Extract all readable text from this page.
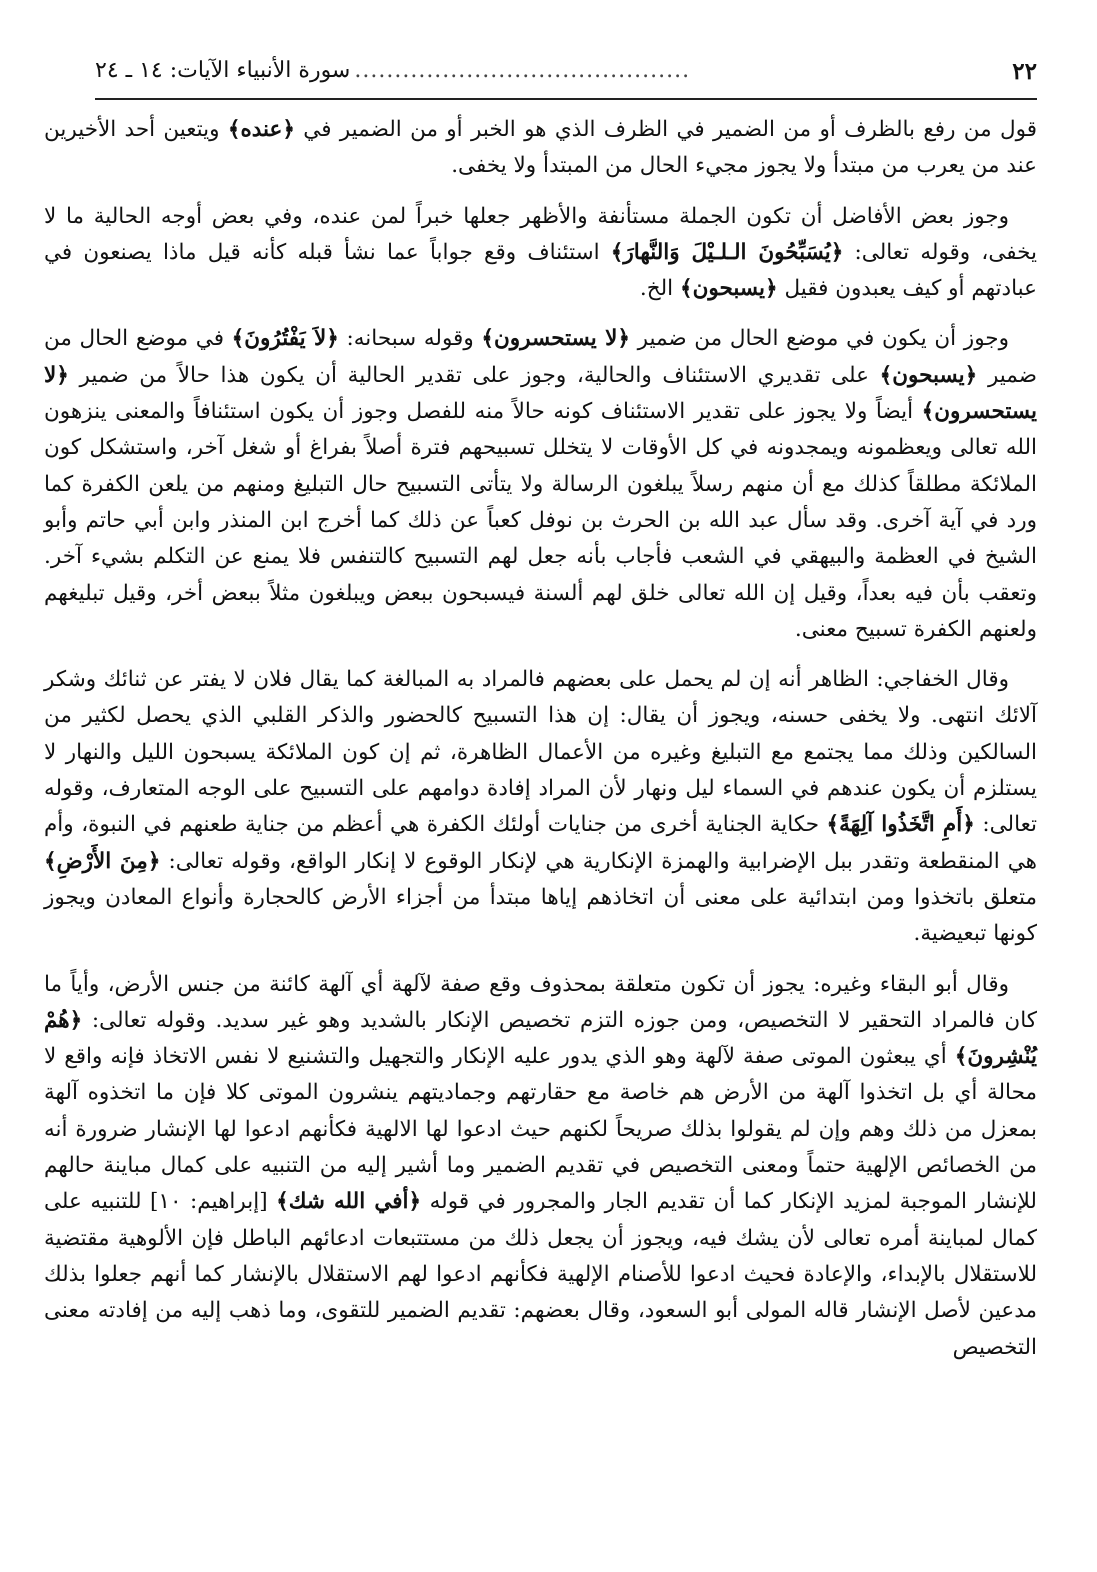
٢٢
..........................................
سورة الأنبياء الآيات: ١٤ ـ ٢٤

قول من رفع بالظرف أو من الضمير في الظرف الذي هو الخبر أو من الضمير في ﴿ عنده ﴾ ويتعين أحد الأخيرين عند من يعرب من مبتدأ ولا يجوز مجيء الحال من المبتدأ ولا يخفى.

وجوز بعض الأفاضل أن تكون الجملة مستأنفة والأظهر جعلها خبراً لمن عنده، وفي بعض أوجه الحالية ما لا يخفى، وقوله تعالى: ﴿ يُسَبِّحُونَ الـلـيْلَ وَالنَّهارَ ﴾ استئناف وقع جواباً عما نشأ قبله كأنه قيل ماذا يصنعون في عبادتهم أو كيف يعبدون فقيل ﴿ يسبحون ﴾ الخ.

وجوز أن يكون في موضع الحال من ضمير ﴿ لا يستحسرون ﴾ وقوله سبحانه: ﴿ لاَ يَفْتُرُونَ ﴾ في موضع الحال من ضمير ﴿ يسبحون ﴾ على تقديري الاستئناف والحالية، وجوز على تقدير الحالية أن يكون هذا حالاً من ضمير ﴿ لا يستحسرون ﴾ أيضاً ولا يجوز على تقدير الاستئناف كونه حالاً منه للفصل وجوز أن يكون استئنافاً والمعنى ينزهون الله تعالى ويعظمونه ويمجدونه في كل الأوقات لا يتخلل تسبيحهم فترة أصلاً بفراغ أو شغل آخر، واستشكل كون الملائكة مطلقاً كذلك مع أن منهم رسلاً يبلغون الرسالة ولا يتأتى التسبيح حال التبليغ ومنهم من يلعن الكفرة كما ورد في آية آخرى. وقد سأل عبد الله بن الحرث بن نوفل كعباً عن ذلك كما أخرج ابن المنذر وابن أبي حاتم وأبو الشيخ في العظمة والبيهقي في الشعب فأجاب بأنه جعل لهم التسبيح كالتنفس فلا يمنع عن التكلم بشيء آخر. وتعقب بأن فيه بعداً، وقيل إن الله تعالى خلق لهم ألسنة فيسبحون ببعض ويبلغون مثلاً ببعض أخر، وقيل تبليغهم ولعنهم الكفرة تسبيح معنى.

وقال الخفاجي: الظاهر أنه إن لم يحمل على بعضهم فالمراد به المبالغة كما يقال فلان لا يفتر عن ثنائك وشكر آلائك انتهى. ولا يخفى حسنه، ويجوز أن يقال: إن هذا التسبيح كالحضور والذكر القلبي الذي يحصل لكثير من السالكين وذلك مما يجتمع مع التبليغ وغيره من الأعمال الظاهرة، ثم إن كون الملائكة يسبحون الليل والنهار لا يستلزم أن يكون عندهم في السماء ليل ونهار لأن المراد إفادة دوامهم على التسبيح على الوجه المتعارف، وقوله تعالى: ﴿ أَمِ اتَّخَذُوا آلِهَةً ﴾ حكاية الجناية أخرى من جنايات أولئك الكفرة هي أعظم من جناية طعنهم في النبوة، وأم هي المنقطعة وتقدر ببل الإضرابية والهمزة الإنكارية هي لإنكار الوقوع لا إنكار الواقع، وقوله تعالى: ﴿ مِنَ الأَرْضِ ﴾ متعلق باتخذوا ومن ابتدائية على معنى أن اتخاذهم إياها مبتدأ من أجزاء الأرض كالحجارة وأنواع المعادن ويجوز كونها تبعيضية.

وقال أبو البقاء وغيره: يجوز أن تكون متعلقة بمحذوف وقع صفة لآلهة أي آلهة كائنة من جنس الأرض، وأياً ما كان فالمراد التحقير لا التخصيص، ومن جوزه التزم تخصيص الإنكار بالشديد وهو غير سديد. وقوله تعالى: ﴿ هُمْ يُنْشِرونَ ﴾ أي يبعثون الموتى صفة لآلهة وهو الذي يدور عليه الإنكار والتجهيل والتشنيع لا نفس الاتخاذ فإنه واقع لا محالة أي بل اتخذوا آلهة من الأرض هم خاصة مع حقارتهم وجماديتهم ينشرون الموتى كلا فإن ما اتخذوه آلهة بمعزل من ذلك وهم وإن لم يقولوا بذلك صريحاً لكنهم حيث ادعوا لها الالهية فكأنهم ادعوا لها الإنشار ضرورة أنه من الخصائص الإلهية حتماً ومعنى التخصيص في تقديم الضمير وما أشير إليه من التنبيه على كمال مباينة حالهم للإنشار الموجبة لمزيد الإنكار كما أن تقديم الجار والمجرور في قوله ﴿ أفي الله شك ﴾ [إبراهيم: ١٠] للتنبيه على كمال لمباينة أمره تعالى لأن يشك فيه، ويجوز أن يجعل ذلك من مستتبعات ادعائهم الباطل فإن الألوهية مقتضية للاستقلال بالإبداء، والإعادة فحيث ادعوا للأصنام الإلهية فكأنهم ادعوا لهم الاستقلال بالإنشار كما أنهم جعلوا بذلك مدعين لأصل الإنشار قاله المولى أبو السعود، وقال بعضهم: تقديم الضمير للتقوى، وما ذهب إليه من إفادته معنى التخصيص
